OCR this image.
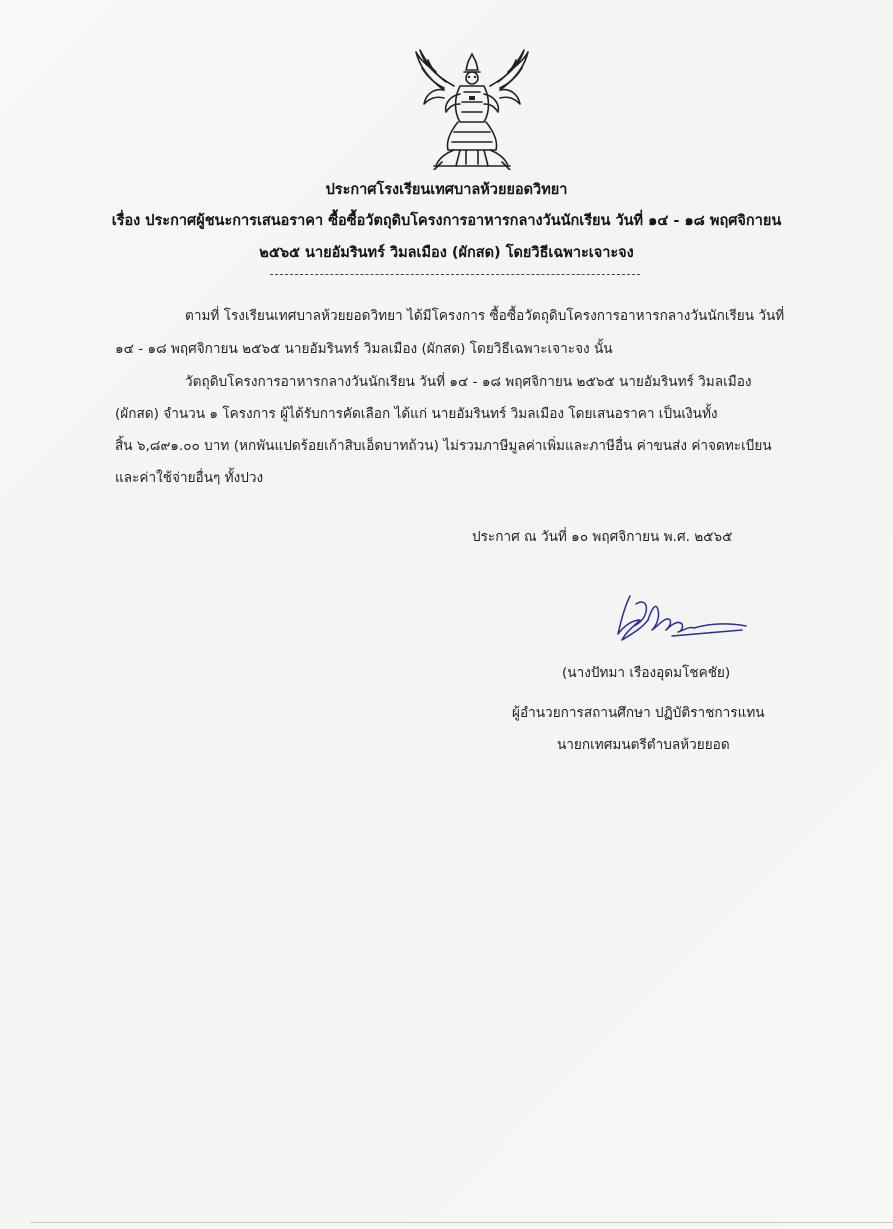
ประกาศโรงเรียนเทศบาลห้วยยอดวิทยา
เรื่อง ประกาศผู้ชนะการเสนอราคา ซื้อซื้อวัตถุดิบโครงการอาหารกลางวันนักเรียน วันที่ ๑๔ - ๑๘ พฤศจิกายน
๒๕๖๕ นายอัมรินทร์ วิมลเมือง (ผักสด) โดยวิธีเฉพาะเจาะจง
ตามที่ โรงเรียนเทศบาลห้วยยอดวิทยา ได้มีโครงการ ซื้อซื้อวัตถุดิบโครงการอาหารกลางวันนักเรียน วันที่
๑๔ - ๑๘ พฤศจิกายน ๒๕๖๕ นายอัมรินทร์ วิมลเมือง (ผักสด) โดยวิธีเฉพาะเจาะจง นั้น
วัตถุดิบโครงการอาหารกลางวันนักเรียน วันที่ ๑๔ - ๑๘ พฤศจิกายน ๒๕๖๕ นายอัมรินทร์ วิมลเมือง
(ผักสด) จำนวน ๑ โครงการ ผู้ได้รับการคัดเลือก ได้แก่ นายอัมรินทร์ วิมลเมือง โดยเสนอราคา เป็นเงินทั้ง
สิ้น ๖,๘๙๑.๐๐ บาท (หกพันแปดร้อยเก้าสิบเอ็ดบาทถ้วน) ไม่รวมภาษีมูลค่าเพิ่มและภาษีอื่น ค่าขนส่ง ค่าจดทะเบียน
และค่าใช้จ่ายอื่นๆ ทั้งปวง
ประกาศ ณ วันที่ ๑๐ พฤศจิกายน พ.ศ. ๒๕๖๕
(นางปัทมา เรืองอุดมโชคชัย)
ผู้อำนวยการสถานศึกษา ปฏิบัติราชการแทน
นายกเทศมนตรีตำบลห้วยยอด
